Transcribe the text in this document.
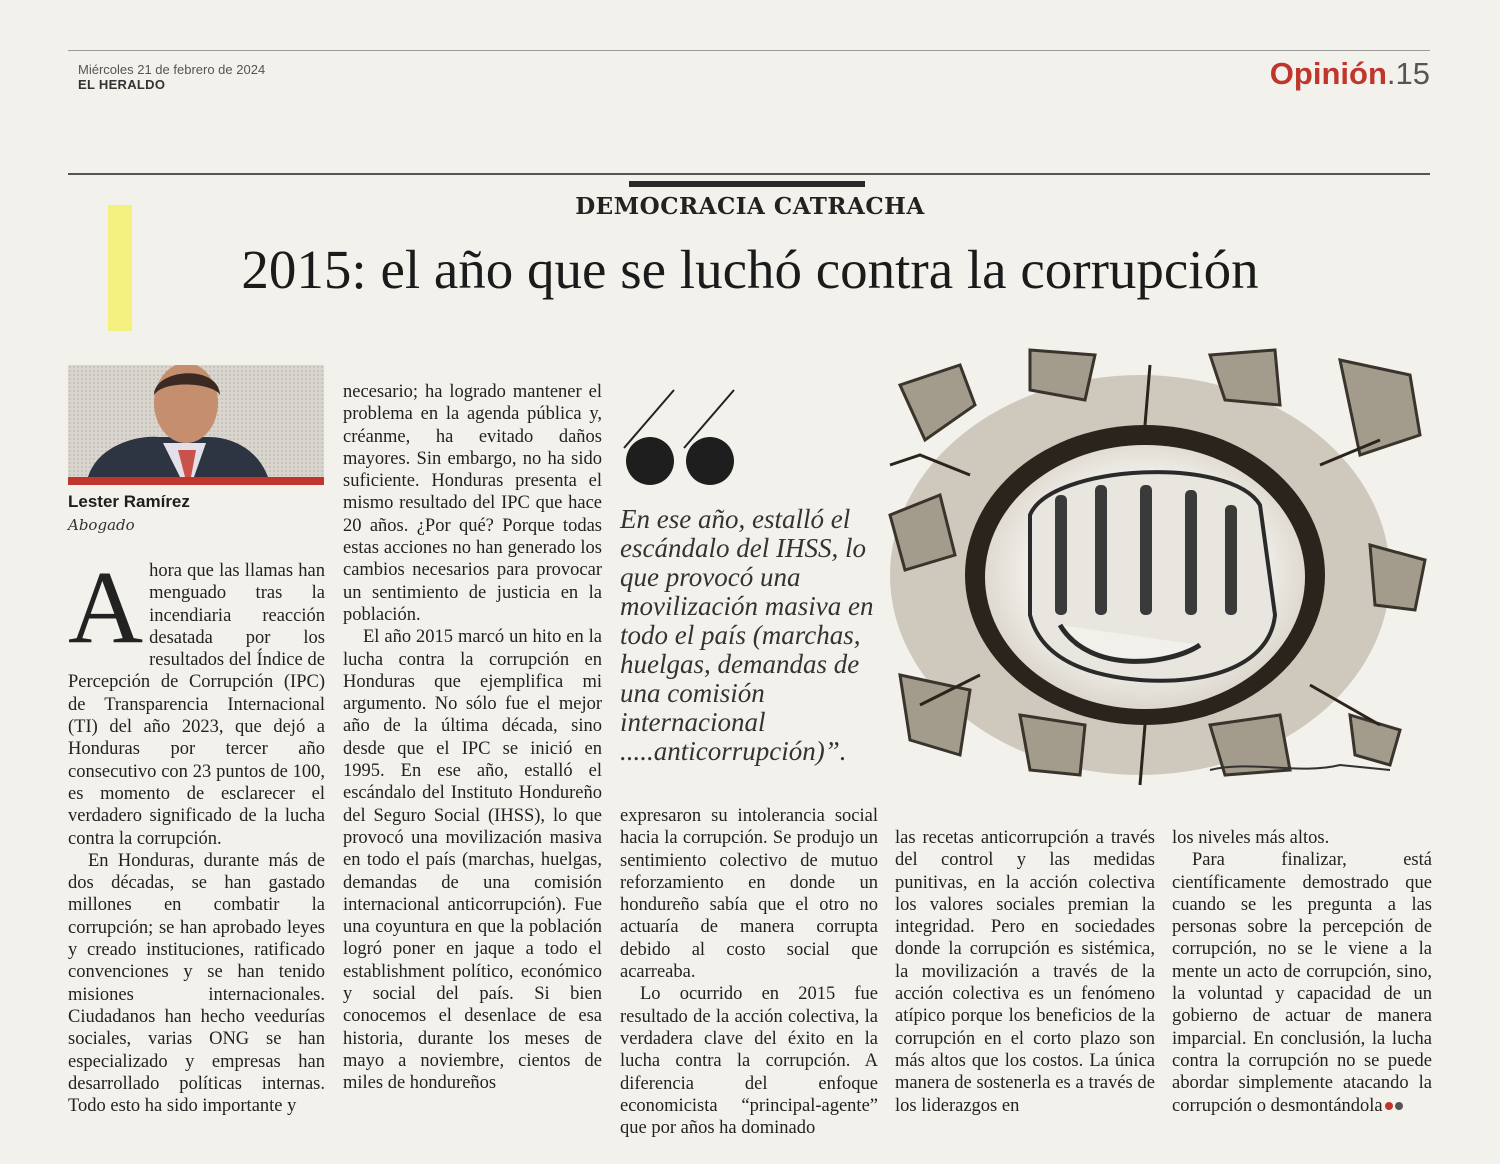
Miércoles 21 de febrero de 2024
EL HERALDO	Opinión.15
DEMOCRACIA CATRACHA
2015: el año que se luchó contra la corrupción
Lester Ramírez
Abogado
A hora que las llamas han menguado tras la incendiaria reacción desatada por los resultados del Índice de Percepción de Corrupción (IPC) de Transparencia Internacional (TI) del año 2023, que dejó a Honduras por tercer año consecutivo con 23 puntos de 100, es momento de esclarecer el verdadero significado de la lucha contra la corrupción.

En Honduras, durante más de dos décadas, se han gastado millones en combatir la corrupción; se han aprobado leyes y creado instituciones, ratificado convenciones y se han tenido misiones internacionales. Ciudadanos han hecho veedurías sociales, varias ONG se han especializado y empresas han desarrollado políticas internas. Todo esto ha sido importante y

necesario; ha logrado mantener el problema en la agenda pública y, créanme, ha evitado daños mayores. Sin embargo, no ha sido suficiente. Honduras presenta el mismo resultado del IPC que hace 20 años. ¿Por qué? Porque todas estas acciones no han generado los cambios necesarios para provocar un sentimiento de justicia en la población.

El año 2015 marcó un hito en la lucha contra la corrupción en Honduras que ejemplifica mi argumento. No sólo fue el mejor año de la última década, sino desde que el IPC se inició en 1995. En ese año, estalló el escándalo del Instituto Hondureño del Seguro Social (IHSS), lo que provocó una movilización masiva en todo el país (marchas, huelgas, demandas de una comisión internacional anticorrupción). Fue una coyuntura en que la población logró poner en jaque a todo el establishment político, económico y social del país. Si bien conocemos el desenlace de esa historia, durante los meses de mayo a noviembre, cientos de miles de hondureños

En ese año, estalló el escándalo del IHSS, lo que provocó una movilización masiva en todo el país (marchas, huelgas, demandas de una comisión internacional .....anticorrupción)”.

expresaron su intolerancia social hacia la corrupción. Se produjo un sentimiento colectivo de mutuo reforzamiento en donde un hondureño sabía que el otro no actuaría de manera corrupta debido al costo social que acarreaba.

Lo ocurrido en 2015 fue resultado de la acción colectiva, la verdadera clave del éxito en la lucha contra la corrupción. A diferencia del enfoque economicista “principal-agente” que por años ha dominado

las recetas anticorrupción a través del control y las medidas punitivas, en la acción colectiva los valores sociales premian la integridad. Pero en sociedades donde la corrupción es sistémica, la movilización a través de la acción colectiva es un fenómeno atípico porque los beneficios de la corrupción en el corto plazo son más altos que los costos. La única manera de sostenerla es a través de los liderazgos en

los niveles más altos.

Para finalizar, está científicamente demostrado que cuando se les pregunta a las personas sobre la percepción de corrupción, no se le viene a la mente un acto de corrupción, sino, la voluntad y capacidad de un gobierno de actuar de manera imparcial. En conclusión, la lucha contra la corrupción no se puede abordar simplemente atacando la corrupción o desmontándola
